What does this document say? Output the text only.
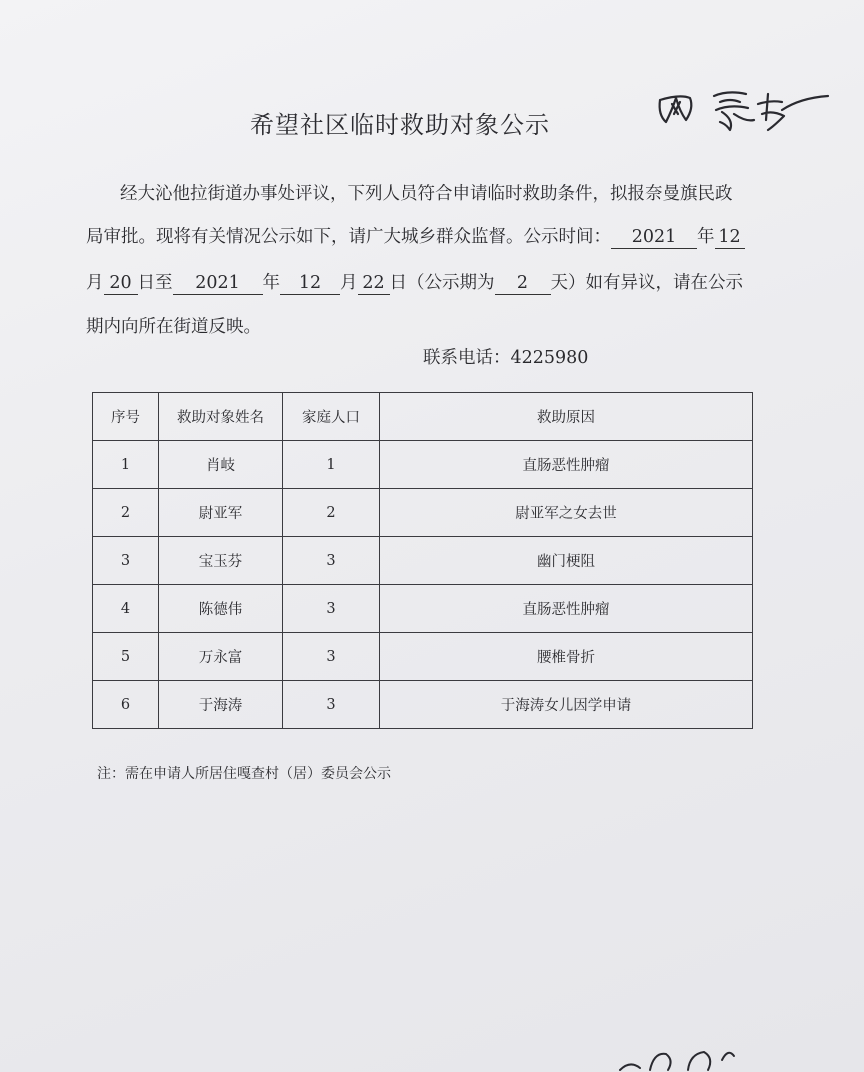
希望社区临时救助对象公示
经大沁他拉街道办事处评议，下列人员符合申请临时救助条件，拟报奈曼旗民政
局审批。现将有关情况公示如下，请广大城乡群众监督。公示时间： 2021 年 12
月 20 日至 2021 年 12 月 22 日（公示期为 2 天）如有异议，请在公示
期内向所在街道反映。
联系电话：4225980
序号	救助对象姓名	家庭人口	救助原因
1	肖岐	1	直肠恶性肿瘤
2	尉亚军	2	尉亚军之女去世
3	宝玉芬	3	幽门梗阻
4	陈德伟	3	直肠恶性肿瘤
5	万永富	3	腰椎骨折
6	于海涛	3	于海涛女儿因学申请
注：需在申请人所居住嘎查村（居）委员会公示
